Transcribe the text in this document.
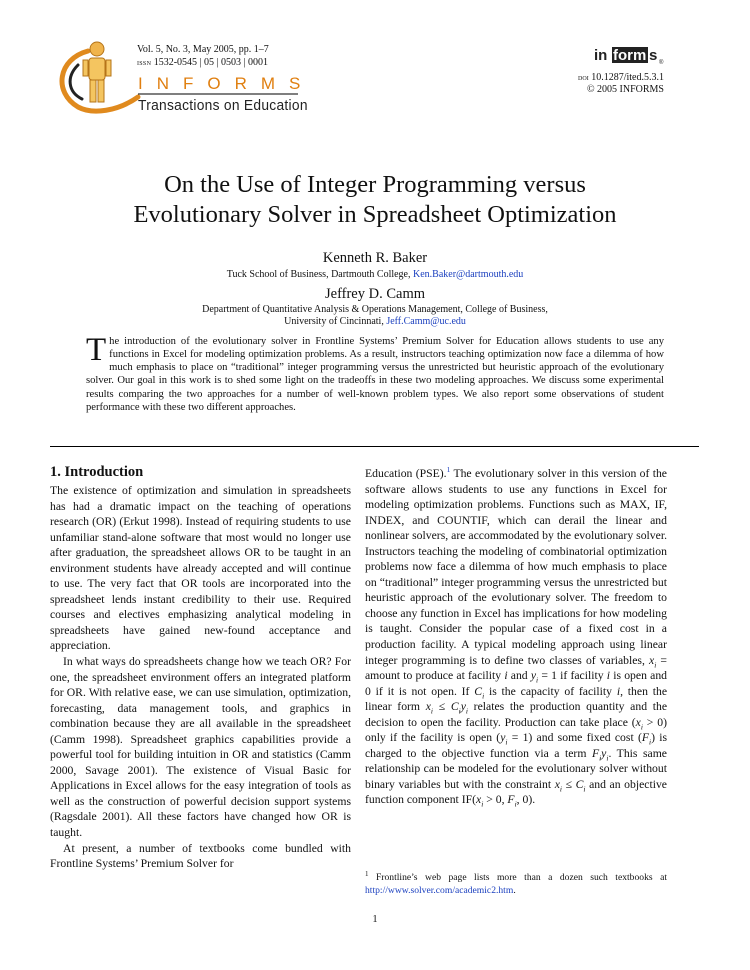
Vol. 5, No. 3, May 2005, pp. 1–7
issn 1532-0545 | 05 | 0503 | 0001
INFORMS
Transactions on Education
in form s ®
doi 10.1287/ited.5.3.1
© 2005 INFORMS
On the Use of Integer Programming versus
Evolutionary Solver in Spreadsheet Optimization
Kenneth R. Baker
Tuck School of Business, Dartmouth College, Ken.Baker@dartmouth.edu
Jeffrey D. Camm
Department of Quantitative Analysis & Operations Management, College of Business,
University of Cincinnati, Jeff.Camm@uc.edu
The introduction of the evolutionary solver in Frontline Systems’ Premium Solver for Education allows students to use any functions in Excel for modeling optimization problems. As a result, instructors teaching optimization now face a dilemma of how much emphasis to place on “traditional” integer programming versus the unrestricted but heuristic approach of the evolutionary solver. Our goal in this work is to shed some light on the tradeoffs in these two modeling approaches. We discuss some experimental results comparing the two approaches for a number of well-known problem types. We also report some observations of student performance with these two different approaches.
1. Introduction

The existence of optimization and simulation in spreadsheets has had a dramatic impact on the teaching of operations research (OR) (Erkut 1998). Instead of requiring students to use unfamiliar stand-alone software that most would no longer use after graduation, the spreadsheet allows OR to be taught in an environment students have already accepted and will continue to use. The very fact that OR tools are incorporated into the spreadsheet lends instant credibility to their use. Required courses and electives emphasizing analytical modeling in spreadsheets have gained new-found acceptance and appreciation.

In what ways do spreadsheets change how we teach OR? For one, the spreadsheet environment offers an integrated platform for OR. With relative ease, we can use simulation, optimization, forecasting, data management tools, and graphics in combination because they are all available in the spreadsheet (Camm 1998). Spreadsheet graphics capabilities provide a powerful tool for building intuition in OR and statistics (Camm 2000, Savage 2001). The existence of Visual Basic for Applications in Excel allows for the easy integration of tools as well as the construction of powerful decision support systems (Ragsdale 2001). All these factors have changed how OR is taught.

At present, a number of textbooks come bundled with Frontline Systems’ Premium Solver for

Education (PSE).$^1$ The evolutionary solver in this version of the software allows students to use any functions in Excel for modeling optimization problems. Functions such as MAX, IF, INDEX, and COUNTIF, which can derail the linear and nonlinear solvers, are accommodated by the evolutionary solver. Instructors teaching the modeling of combinatorial optimization problems now face a dilemma of how much emphasis to place on “traditional” integer programming versus the unrestricted but heuristic approach of the evolutionary solver. The freedom to choose any function in Excel has implications for how modeling is taught. Consider the popular case of a fixed cost in a production facility. A typical modeling approach using linear integer programming is to define two classes of variables, $x_i$ = amount to produce at facility i and $y_i = 1$ if facility i is open and 0 if it is not open. If $C_i$ is the capacity of facility i, then the linear form $x_i \le C_iy_i$ relates the production quantity and the decision to open the facility. Production can take place $(x_i > 0)$ only if the facility is open $(y_i = 1)$ and some fixed cost $(F_i)$ is charged to the objective function via a term $F_iy_i$. This same relationship can be modeled for the evolutionary solver without binary variables but with the constraint $x_i \le C_i$ and an objective function component $IF(x_i > 0$, $F_i$, 0).

$^1$ Frontline’s web page lists more than a dozen such textbooks at http://www.solver.com/academic2.htm.
1
